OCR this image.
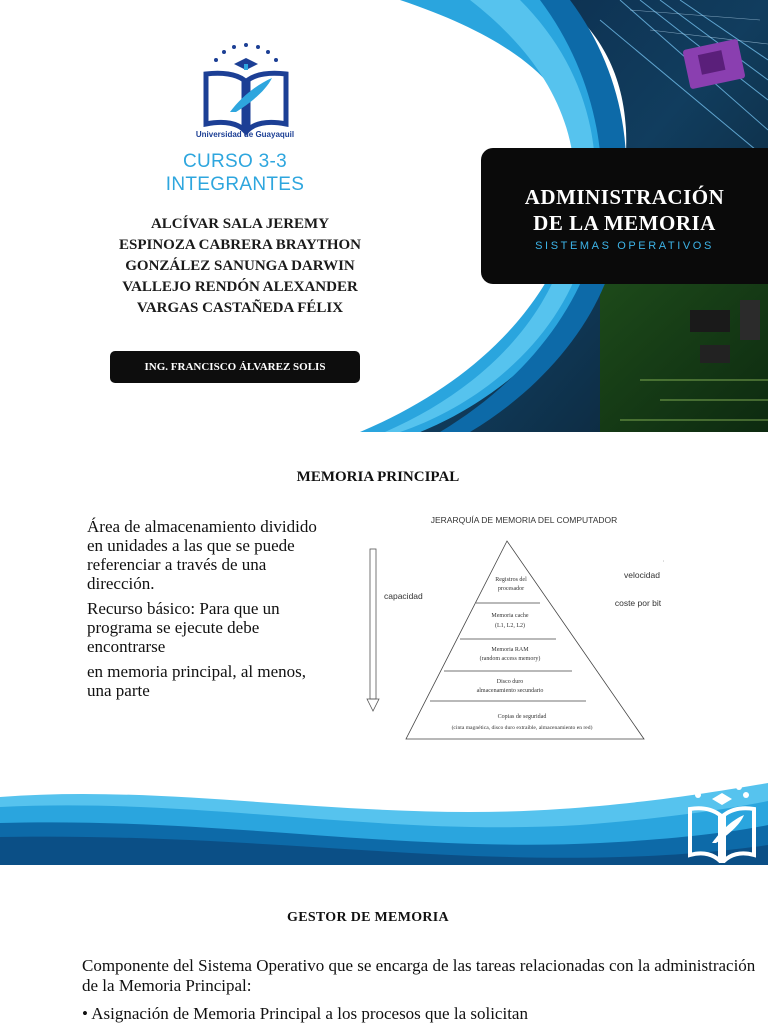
Universidad de Guayaquil
CURSO 3-3
INTEGRANTES
ALCÍVAR SALA JEREMY
ESPINOZA CABRERA BRAYTHON
GONZÁLEZ SANUNGA DARWIN
VALLEJO RENDÓN ALEXANDER
VARGAS CASTAÑEDA FÉLIX
ING. FRANCISCO ÁLVAREZ SOLIS
ADMINISTRACIÓN
DE LA MEMORIA
SISTEMAS OPERATIVOS
MEMORIA PRINCIPAL

Área de almacenamiento dividido en unidades a las que se puede referenciar a través de una dirección.

Recurso básico: Para que un programa se ejecute debe encontrarse

en memoria principal, al menos, una parte

JERARQUÍA DE MEMORIA DEL COMPUTADOR
capacidad
velocidad
coste por bit
Registros del
procesador
Memoria cache
(L1, L2, L2)
Memoria RAM
(random access memory)
Disco duro
almacenamiento secundario
Copias de seguridad
(cinta magnética, disco duro extraíble, almacenamiento en red)
GESTOR DE MEMORIA
Componente del Sistema Operativo que se encarga de las tareas relacionadas con la administración de la Memoria Principal:
• Asignación de Memoria Principal a los procesos que la solicitan
